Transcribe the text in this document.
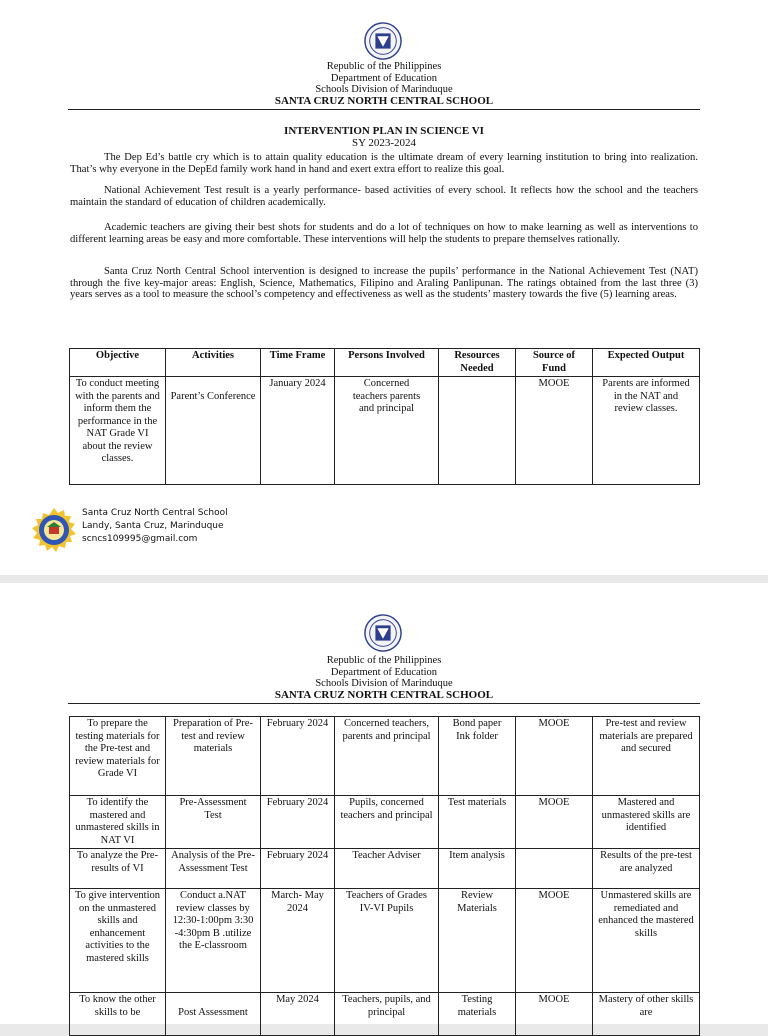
Republic of the Philippines
Department of Education
Schools Division of Marinduque
SANTA CRUZ NORTH CENTRAL SCHOOL
INTERVENTION PLAN IN SCIENCE VI
SY 2023-2024

The Dep Ed’s battle cry which is to attain quality education is the ultimate dream of every learning institution to bring into realization. That’s why everyone in the DepEd family work hand in hand and exert extra effort to realize this goal.

National Achievement Test result is a yearly performance- based activities of every school. It reflects how the school and the teachers maintain the standard of education of children academically.

Academic teachers are giving their best shots for students and do a lot of techniques on how to make learning as well as interventions to different learning areas be easy and more comfortable. These interventions will help the students to prepare themselves rationally.

Santa Cruz North Central School intervention is designed to increase the pupils’ performance in the National Achievement Test (NAT) through the five key-major areas: English, Science, Mathematics, Filipino and Araling Panlipunan. The ratings obtained from the last three (3) years serves as a tool to measure the school’s competency and effectiveness as well as the students’ mastery towards the five (5) learning areas.

Objective	Activities	Time Frame	Persons Involved	Resources Needed	Source of Fund	Expected Output
To conduct meeting with the parents and inform them the performance in the NAT Grade VI about the review classes.	Parent’s Conference	January 2024	Concerned teachers parents and principal		MOOE	Parents are informed in the NAT and review classes.
Santa Cruz North Central School
Landy, Santa Cruz, Marinduque
scncs109995@gmail.com
Republic of the Philippines
Department of Education
Schools Division of Marinduque
SANTA CRUZ NORTH CENTRAL SCHOOL
To prepare the testing materials for the Pre-test and review materials for Grade VI	Preparation of Pre-test and review materials	February 2024	Concerned teachers, parents and principal	Bond paper Ink folder	MOOE	Pre-test and review materials are prepared and secured
To identify the mastered and unmastered skills in NAT VI	Pre-Assessment Test	February 2024	Pupils, concerned teachers and principal	Test materials	MOOE	Mastered and unmastered skills are identified
To analyze the Pre-results of VI	Analysis of the Pre-Assessment Test	February 2024	Teacher Adviser	Item analysis		Results of the pre-test are analyzed
To give intervention on the unmastered skills and enhancement activities to the mastered skills	Conduct a.NAT review classes by 12:30-1:00pm 3:30 -4:30pm B .utilize the E-classroom	March- May 2024	Teachers of Grades IV-VI Pupils	Review Materials	MOOE	Unmastered skills are remediated and enhanced the mastered skills
To know the other skills to be	Post Assessment	May 2024	Teachers, pupils, and principal	Testing materials	MOOE	Mastery of other skills are
